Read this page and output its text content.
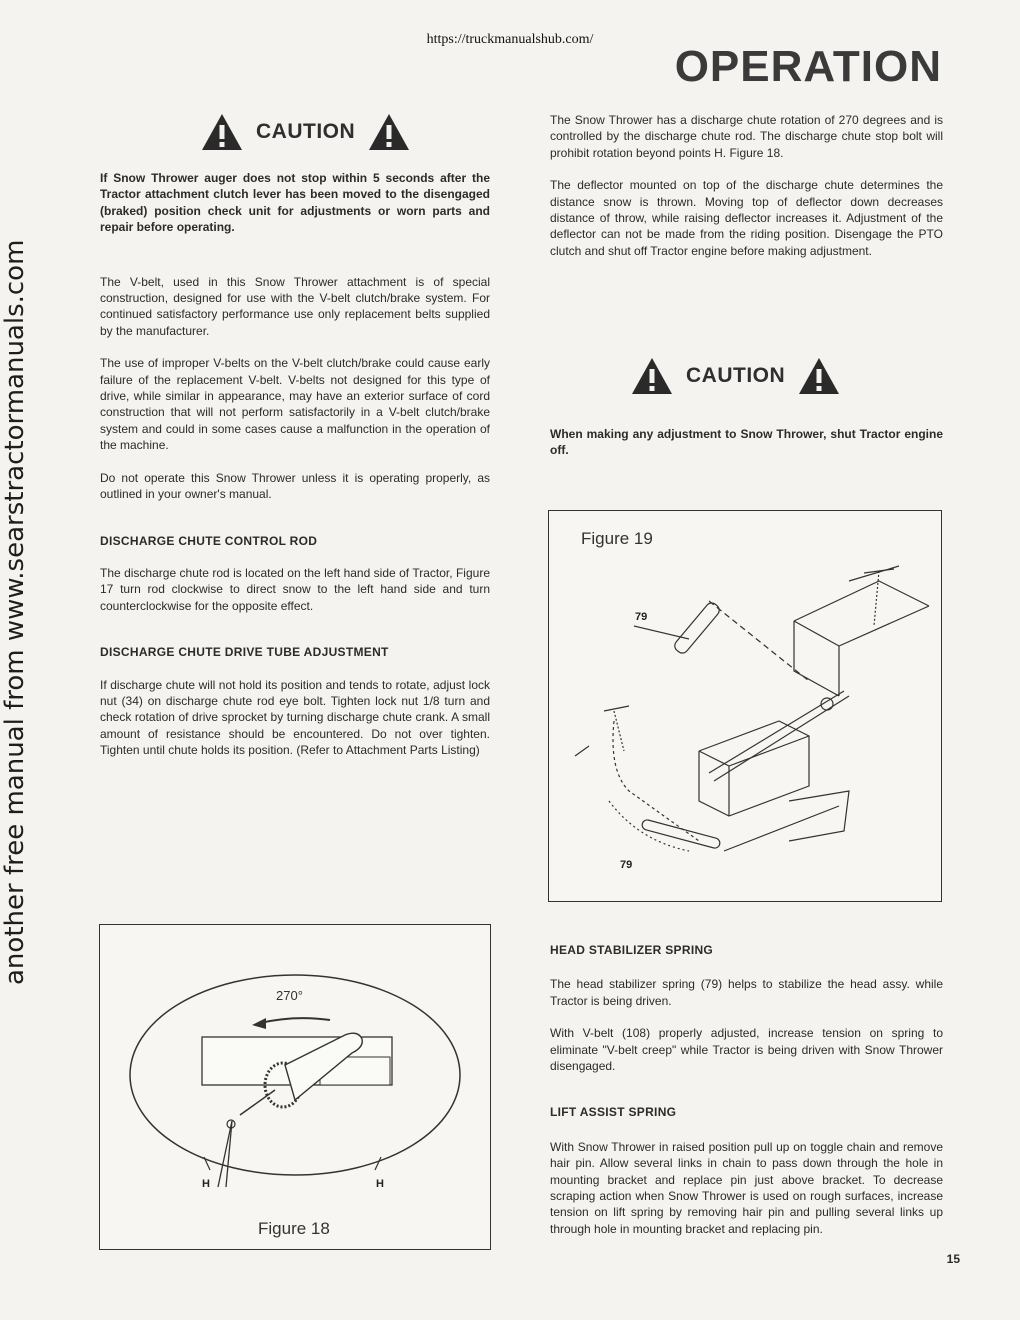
https://truckmanualshub.com/
OPERATION
another free manual from www.searstractormanuals.com
CAUTION

If Snow Thrower auger does not stop within 5 seconds after the Tractor attachment clutch lever has been moved to the disengaged (braked) position check unit for adjustments or worn parts and repair before operating.

The V-belt, used in this Snow Thrower attachment is of special construction, designed for use with the V-belt clutch/brake system. For continued satisfactory performance use only replacement belts supplied by the manufacturer.

The use of improper V-belts on the V-belt clutch/brake could cause early failure of the replacement V-belt. V-belts not designed for this type of drive, while similar in appearance, may have an exterior surface of cord construction that will not perform satisfactorily in a V-belt clutch/brake system and could in some cases cause a malfunction in the operation of the machine.

Do not operate this Snow Thrower unless it is operating properly, as outlined in your owner's manual.

DISCHARGE CHUTE CONTROL ROD

The discharge chute rod is located on the left hand side of Tractor, Figure 17 turn rod clockwise to direct snow to the left hand side and turn counterclockwise for the opposite effect.

DISCHARGE CHUTE DRIVE TUBE ADJUSTMENT

If discharge chute will not hold its position and tends to rotate, adjust lock nut (34) on discharge chute rod eye bolt. Tighten lock nut 1/8 turn and check rotation of drive sprocket by turning discharge chute crank. A small amount of resistance should be encountered. Do not over tighten. Tighten until chute holds its position. (Refer to Attachment Parts Listing)

270°
H	H
Figure 18

The Snow Thrower has a discharge chute rotation of 270 degrees and is controlled by the discharge chute rod. The discharge chute stop bolt will prohibit rotation beyond points H. Figure 18.

The deflector mounted on top of the discharge chute determines the distance snow is thrown. Moving top of deflector down decreases distance of throw, while raising deflector increases it. Adjustment of the deflector can not be made from the riding position. Disengage the PTO clutch and shut off Tractor engine before making adjustment.

CAUTION

When making any adjustment to Snow Thrower, shut Tractor engine off.

Figure 19
79
79

HEAD STABILIZER SPRING

The head stabilizer spring (79) helps to stabilize the head assy. while Tractor is being driven.

With V-belt (108) properly adjusted, increase tension on spring to eliminate "V-belt creep" while Tractor is being driven with Snow Thrower disengaged.

LIFT ASSIST SPRING

With Snow Thrower in raised position pull up on toggle chain and remove hair pin. Allow several links in chain to pass down through the hole in mounting bracket and replace pin just above bracket. To decrease scraping action when Snow Thrower is used on rough surfaces, increase tension on lift spring by removing hair pin and pulling several links up through hole in mounting bracket and replacing pin.

15
